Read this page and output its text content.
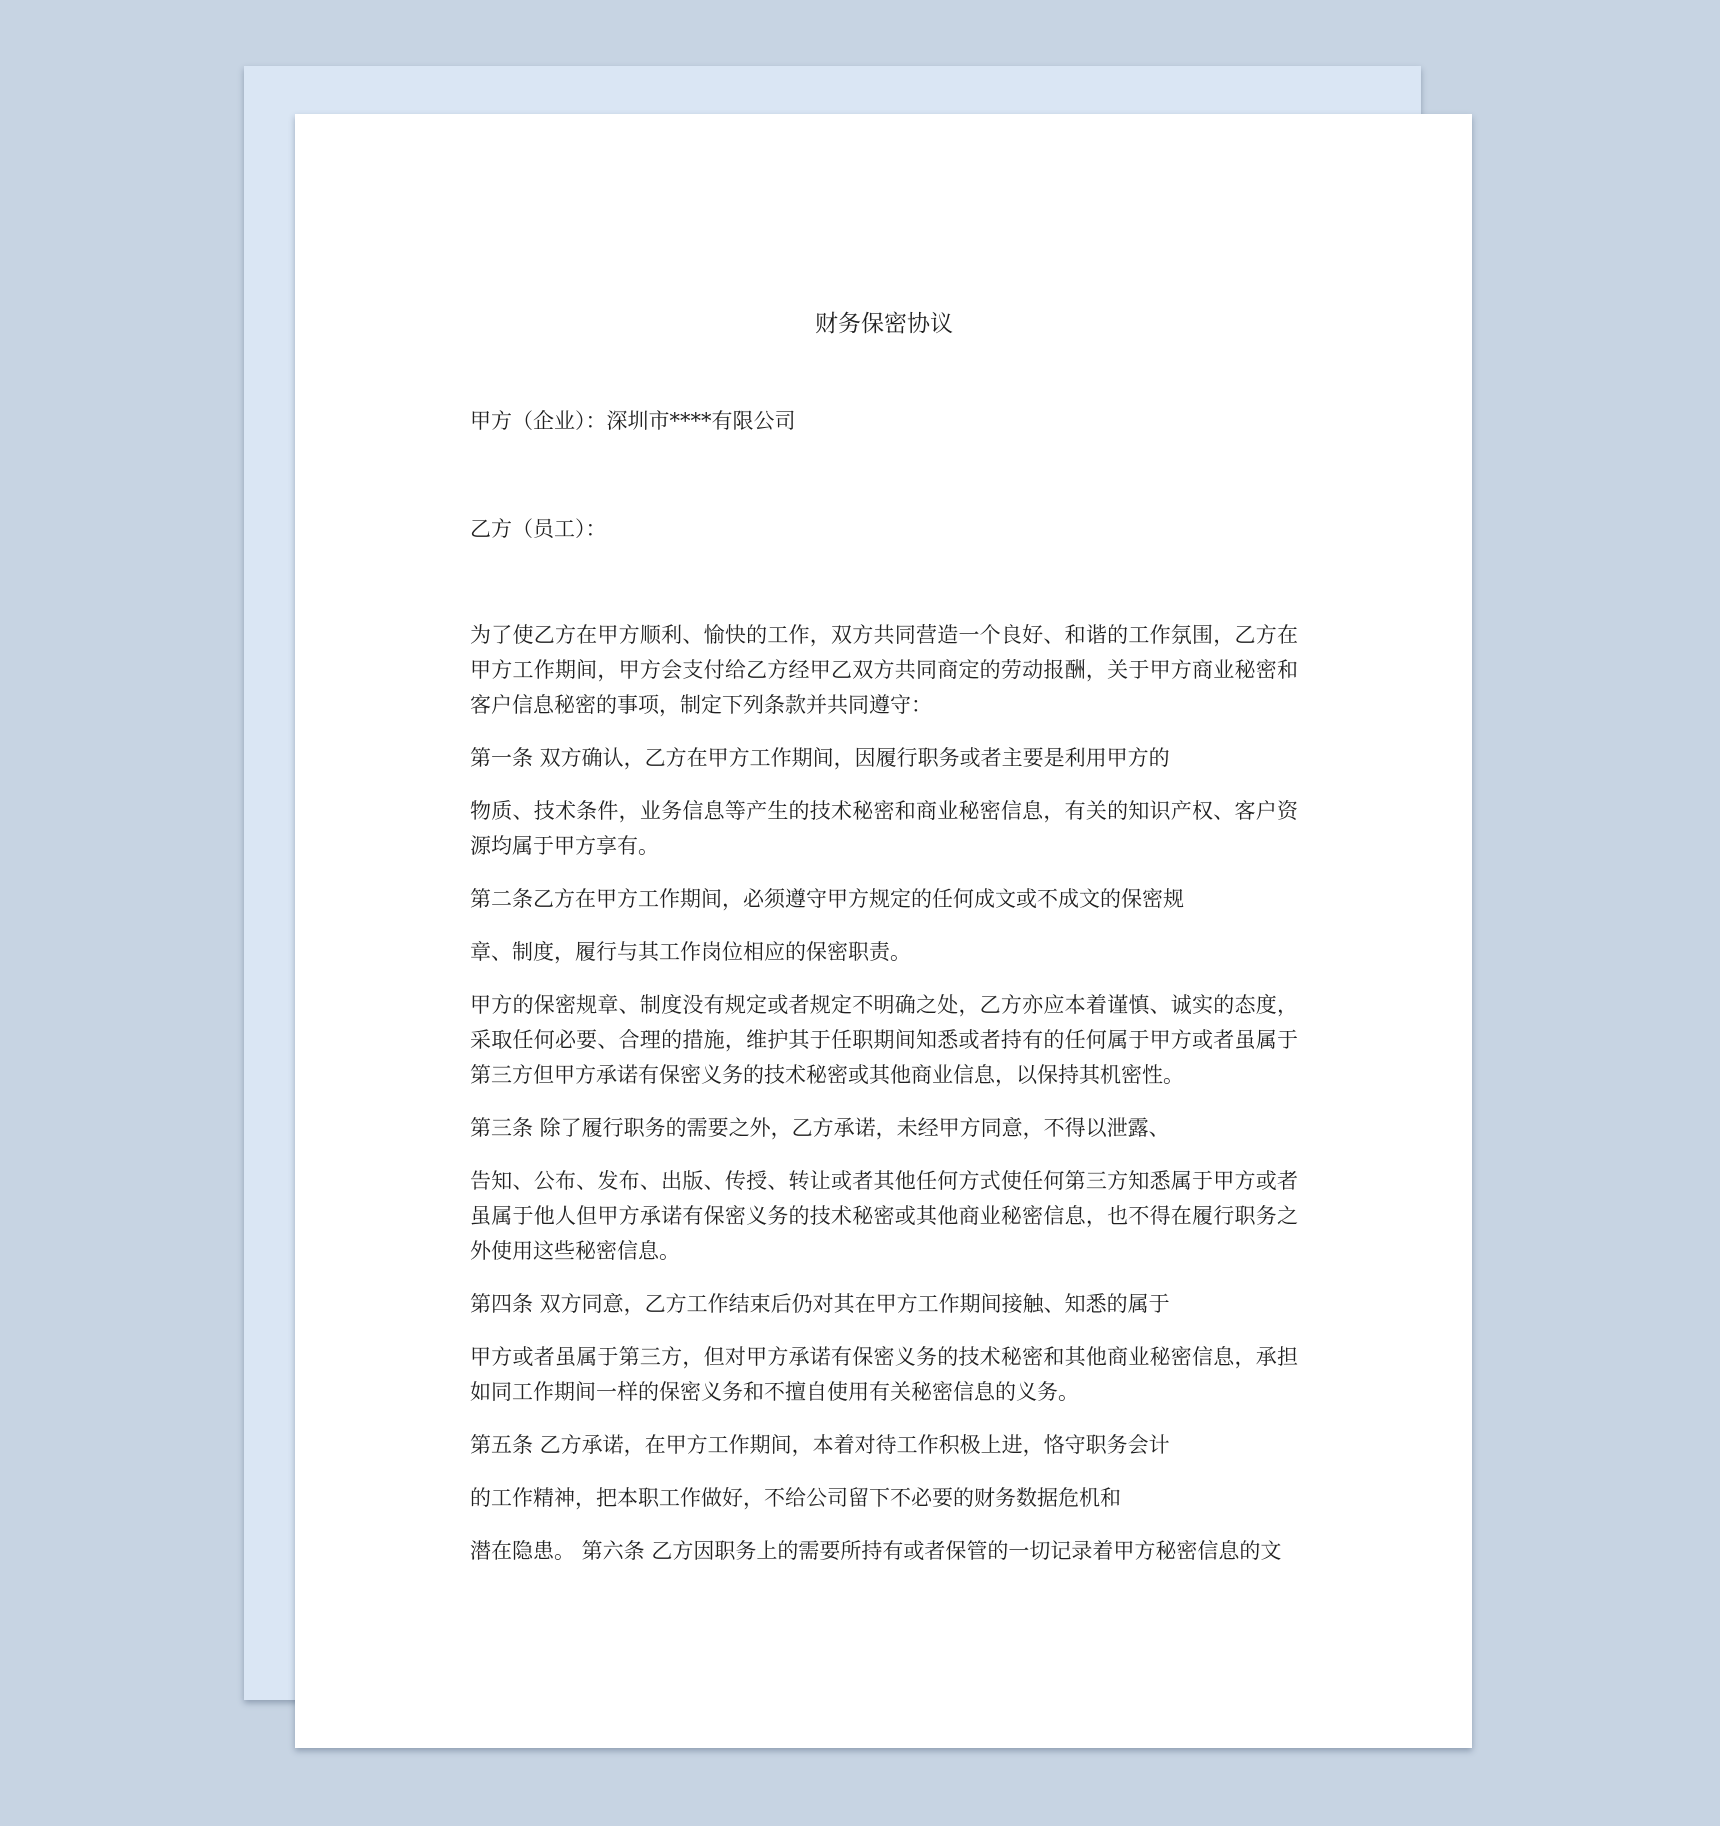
财务保密协议
甲方（企业）：深圳市****有限公司
乙方（员工）：
为了使乙方在甲方顺利、愉快的工作，双方共同营造一个良好、和谐的工作氛围，乙方在甲方工作期间，甲方会支付给乙方经甲乙双方共同商定的劳动报酬，关于甲方商业秘密和客户信息秘密的事项，制定下列条款并共同遵守：
第一条 双方确认，乙方在甲方工作期间，因履行职务或者主要是利用甲方的
物质、技术条件，业务信息等产生的技术秘密和商业秘密信息，有关的知识产权、客户资源均属于甲方享有。
第二条乙方在甲方工作期间，必须遵守甲方规定的任何成文或不成文的保密规
章、制度，履行与其工作岗位相应的保密职责。
甲方的保密规章、制度没有规定或者规定不明确之处，乙方亦应本着谨慎、诚实的态度，采取任何必要、合理的措施，维护其于任职期间知悉或者持有的任何属于甲方或者虽属于第三方但甲方承诺有保密义务的技术秘密或其他商业信息，以保持其机密性。
第三条 除了履行职务的需要之外，乙方承诺，未经甲方同意，不得以泄露、
告知、公布、发布、出版、传授、转让或者其他任何方式使任何第三方知悉属于甲方或者虽属于他人但甲方承诺有保密义务的技术秘密或其他商业秘密信息，也不得在履行职务之外使用这些秘密信息。
第四条 双方同意，乙方工作结束后仍对其在甲方工作期间接触、知悉的属于
甲方或者虽属于第三方，但对甲方承诺有保密义务的技术秘密和其他商业秘密信息，承担如同工作期间一样的保密义务和不擅自使用有关秘密信息的义务。
第五条 乙方承诺，在甲方工作期间，本着对待工作积极上进，恪守职务会计
的工作精神，把本职工作做好，不给公司留下不必要的财务数据危机和
潜在隐患。 第六条 乙方因职务上的需要所持有或者保管的一切记录着甲方秘密信息的文
